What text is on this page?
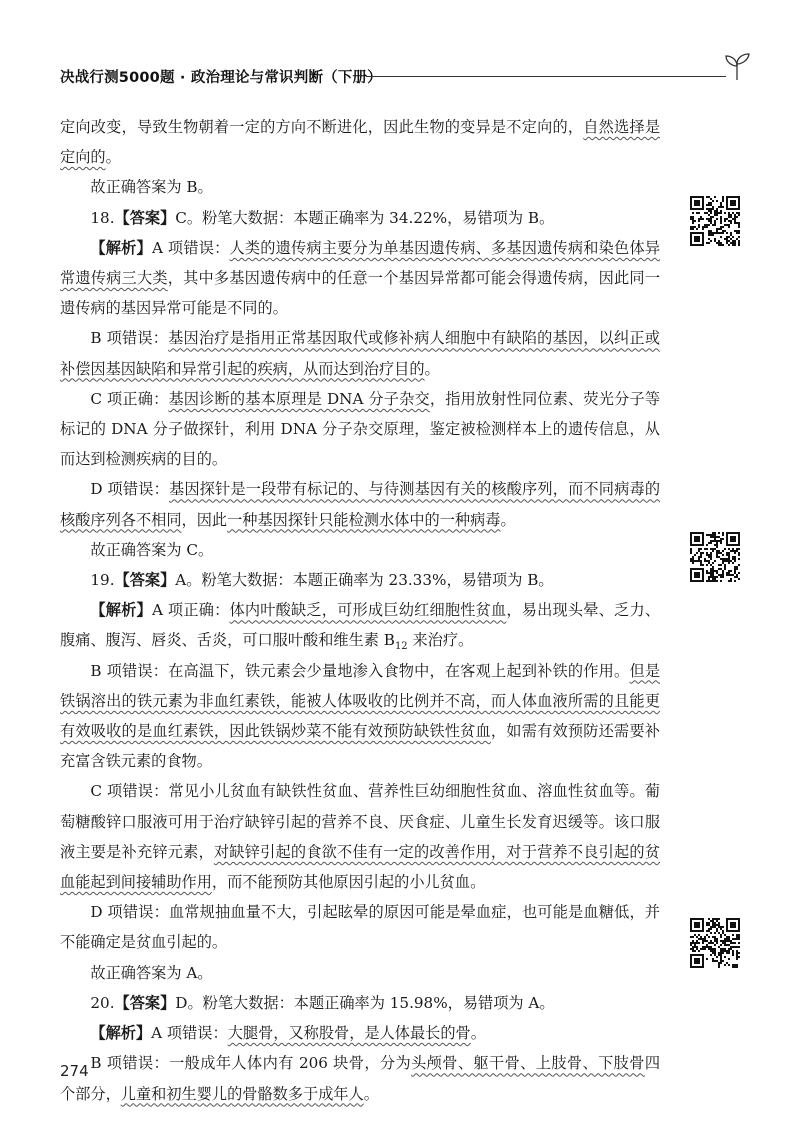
决战行测5000题 · 政治理论与常识判断（下册）

定向改变，导致生物朝着一定的方向不断进化，因此生物的变异是不定向的，自然选择是定向的。

故正确答案为 B。

18.【答案】C。粉笔大数据：本题正确率为 34.22%，易错项为 B。

【解析】A 项错误：人类的遗传病主要分为单基因遗传病、多基因遗传病和染色体异常遗传病三大类，其中多基因遗传病中的任意一个基因异常都可能会得遗传病，因此同一遗传病的基因异常可能是不同的。

B 项错误：基因治疗是指用正常基因取代或修补病人细胞中有缺陷的基因，以纠正或补偿因基因缺陷和异常引起的疾病，从而达到治疗目的。

C 项正确：基因诊断的基本原理是 DNA 分子杂交，指用放射性同位素、荧光分子等标记的 DNA 分子做探针，利用 DNA 分子杂交原理，鉴定被检测样本上的遗传信息，从而达到检测疾病的目的。

D 项错误：基因探针是一段带有标记的、与待测基因有关的核酸序列，而不同病毒的核酸序列各不相同，因此一种基因探针只能检测水体中的一种病毒。

故正确答案为 C。

19.【答案】A。粉笔大数据：本题正确率为 23.33%，易错项为 B。

【解析】A 项正确：体内叶酸缺乏，可形成巨幼红细胞性贫血，易出现头晕、乏力、腹痛、腹泻、唇炎、舌炎，可口服叶酸和维生素 $B_{12}$ 来治疗。

B 项错误：在高温下，铁元素会少量地渗入食物中，在客观上起到补铁的作用。但是铁锅溶出的铁元素为非血红素铁，能被人体吸收的比例并不高，而人体血液所需的且能更有效吸收的是血红素铁，因此铁锅炒菜不能有效预防缺铁性贫血，如需有效预防还需要补充富含铁元素的食物。

C 项错误：常见小儿贫血有缺铁性贫血、营养性巨幼细胞性贫血、溶血性贫血等。葡萄糖酸锌口服液可用于治疗缺锌引起的营养不良、厌食症、儿童生长发育迟缓等。该口服液主要是补充锌元素，对缺锌引起的食欲不佳有一定的改善作用，对于营养不良引起的贫血能起到间接辅助作用，而不能预防其他原因引起的小儿贫血。

D 项错误：血常规抽血量不大，引起眩晕的原因可能是晕血症，也可能是血糖低，并不能确定是贫血引起的。

故正确答案为 A。

20.【答案】D。粉笔大数据：本题正确率为 15.98%，易错项为 A。

【解析】A 项错误：大腿骨，又称股骨，是人体最长的骨。

B 项错误：一般成年人体内有 206 块骨，分为头颅骨、躯干骨、上肢骨、下肢骨四个部分，儿童和初生婴儿的骨骼数多于成年人。

274
